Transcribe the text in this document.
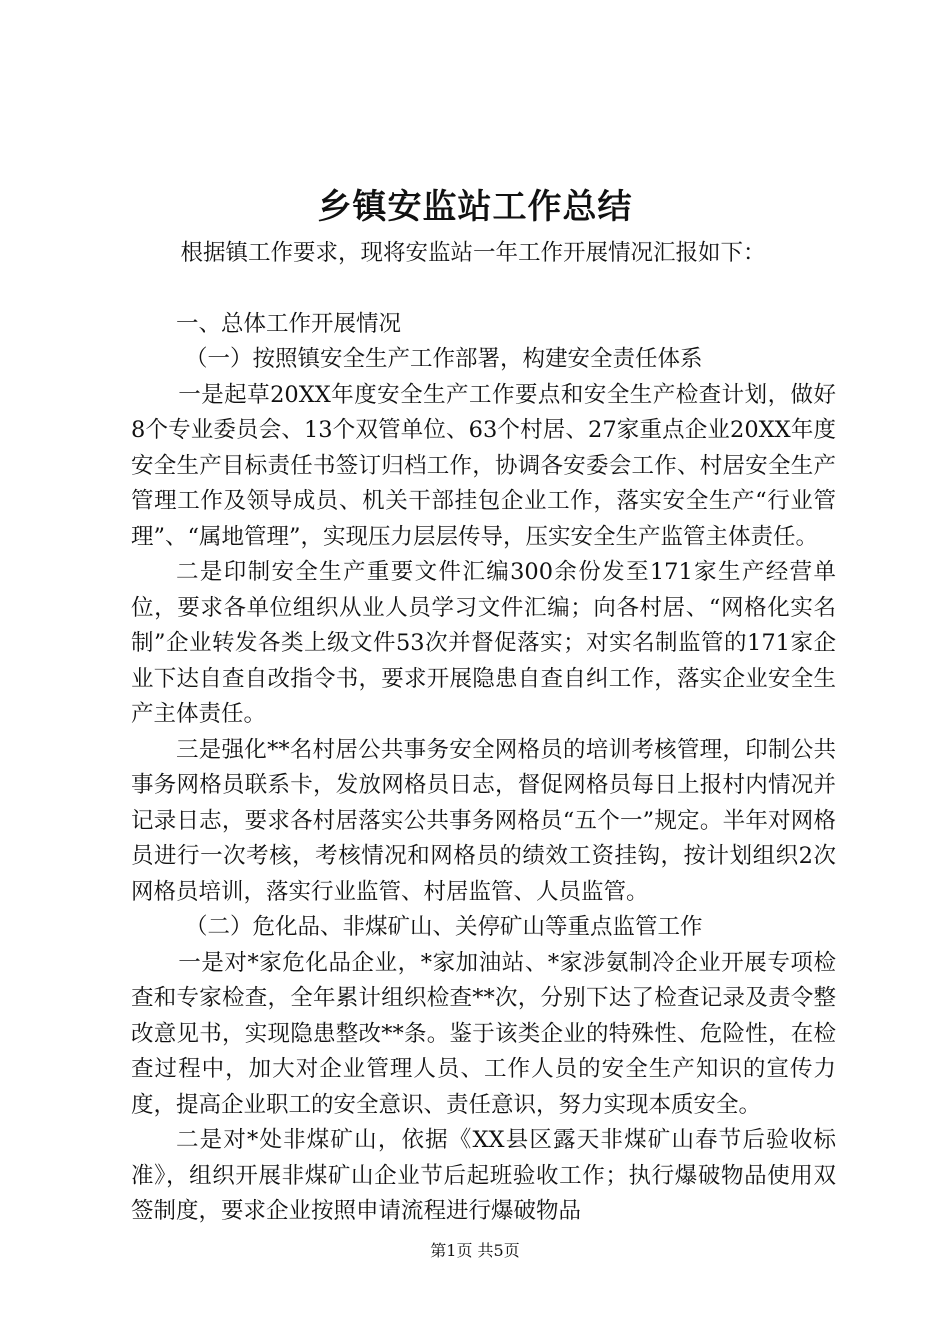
乡镇安监站工作总结

根据镇工作要求，现将安监站一年工作开展情况汇报如下：

一、总体工作开展情况

（一）按照镇安全生产工作部署，构建安全责任体系

一是起草20XX年度安全生产工作要点和安全生产检查计划，做好8个专业委员会、13个双管单位、63个村居、27家重点企业20XX年度安全生产目标责任书签订归档工作，协调各安委会工作、村居安全生产管理工作及领导成员、机关干部挂包企业工作，落实安全生产“行业管理”、“属地管理”，实现压力层层传导，压实安全生产监管主体责任。

二是印制安全生产重要文件汇编300余份发至171家生产经营单位，要求各单位组织从业人员学习文件汇编；向各村居、“网格化实名制”企业转发各类上级文件53次并督促落实；对实名制监管的171家企业下达自查自改指令书，要求开展隐患自查自纠工作，落实企业安全生产主体责任。

三是强化**名村居公共事务安全网格员的培训考核管理，印制公共事务网格员联系卡，发放网格员日志，督促网格员每日上报村内情况并记录日志，要求各村居落实公共事务网格员“五个一”规定。半年对网格员进行一次考核，考核情况和网格员的绩效工资挂钩，按计划组织2次网格员培训，落实行业监管、村居监管、人员监管。

（二）危化品、非煤矿山、关停矿山等重点监管工作

一是对*家危化品企业，*家加油站、*家涉氨制冷企业开展专项检查和专家检查，全年累计组织检查**次，分别下达了检查记录及责令整改意见书，实现隐患整改**条。鉴于该类企业的特殊性、危险性，在检查过程中，加大对企业管理人员、工作人员的安全生产知识的宣传力度，提高企业职工的安全意识、责任意识，努力实现本质安全。

二是对*处非煤矿山，依据《XX县区露天非煤矿山春节后验收标准》，组织开展非煤矿山企业节后起班验收工作；执行爆破物品使用双签制度，要求企业按照申请流程进行爆破物品

第1页 共5页
